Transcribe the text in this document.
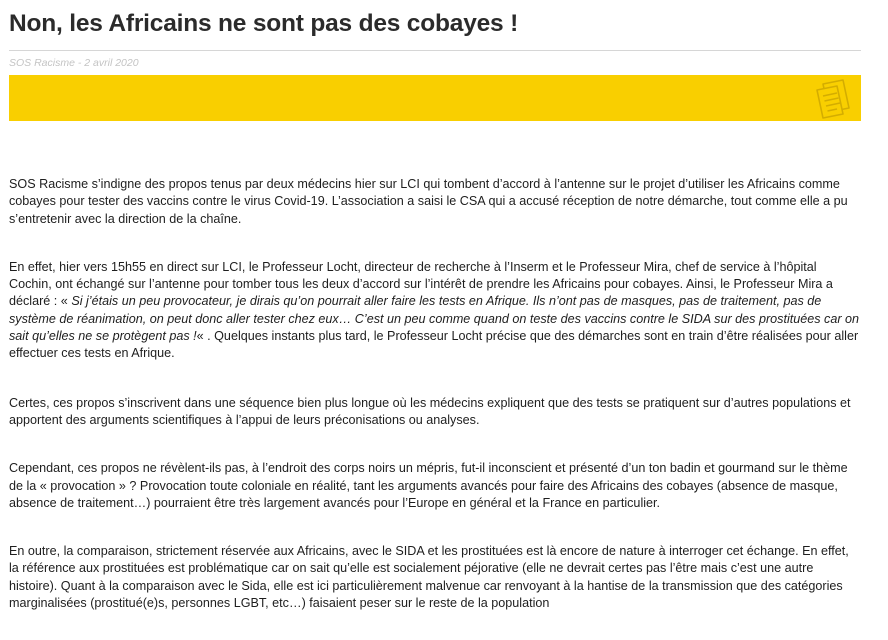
Non, les Africains ne sont pas des cobayes !
SOS Racisme - 2 avril 2020

SOS Racisme s’indigne des propos tenus par deux médecins hier sur LCI qui tombent d’accord à l’antenne sur le projet d’utiliser les Africains comme
cobayes pour tester des vaccins contre le virus Covid-19. L’association a saisi le CSA qui a accusé réception de notre démarche, tout comme elle a pu
s’entretenir avec la direction de la chaîne.

En effet, hier vers 15h55 en direct sur LCI, le Professeur Locht, directeur de recherche à l’Inserm et le Professeur Mira, chef de service à l’hôpital
Cochin, ont échangé sur l’antenne pour tomber tous les deux d’accord sur l’intérêt de prendre les Africains pour cobayes. Ainsi, le Professeur Mira a
déclaré : « Si j’étais un peu provocateur, je dirais qu’on pourrait aller faire les tests en Afrique. Ils n’ont pas de masques, pas de traitement, pas de
système de réanimation, on peut donc aller tester chez eux… C’est un peu comme quand on teste des vaccins contre le SIDA sur des prostituées car on
sait qu’elles ne se protègent pas !« . Quelques instants plus tard, le Professeur Locht précise que des démarches sont en train d’être réalisées pour aller
effectuer ces tests en Afrique.

Certes, ces propos s’inscrivent dans une séquence bien plus longue où les médecins expliquent que des tests se pratiquent sur d’autres populations et
apportent des arguments scientifiques à l’appui de leurs préconisations ou analyses.

Cependant, ces propos ne révèlent-ils pas, à l’endroit des corps noirs un mépris, fut-il inconscient et présenté d’un ton badin et gourmand sur le thème
de la « provocation » ? Provocation toute coloniale en réalité, tant les arguments avancés pour faire des Africains des cobayes (absence de masque,
absence de traitement…) pourraient être très largement avancés pour l’Europe en général et la France en particulier.

En outre, la comparaison, strictement réservée aux Africains, avec le SIDA et les prostituées est là encore de nature à interroger cet échange. En effet,
la référence aux prostituées est problématique car on sait qu’elle est socialement péjorative (elle ne devrait certes pas l’être mais c’est une autre
histoire). Quant à la comparaison avec le Sida, elle est ici particulièrement malvenue car renvoyant à la hantise de la transmission que des catégories
marginalisées (prostitué(e)s, personnes LGBT, etc…) faisaient peser sur le reste de la population
